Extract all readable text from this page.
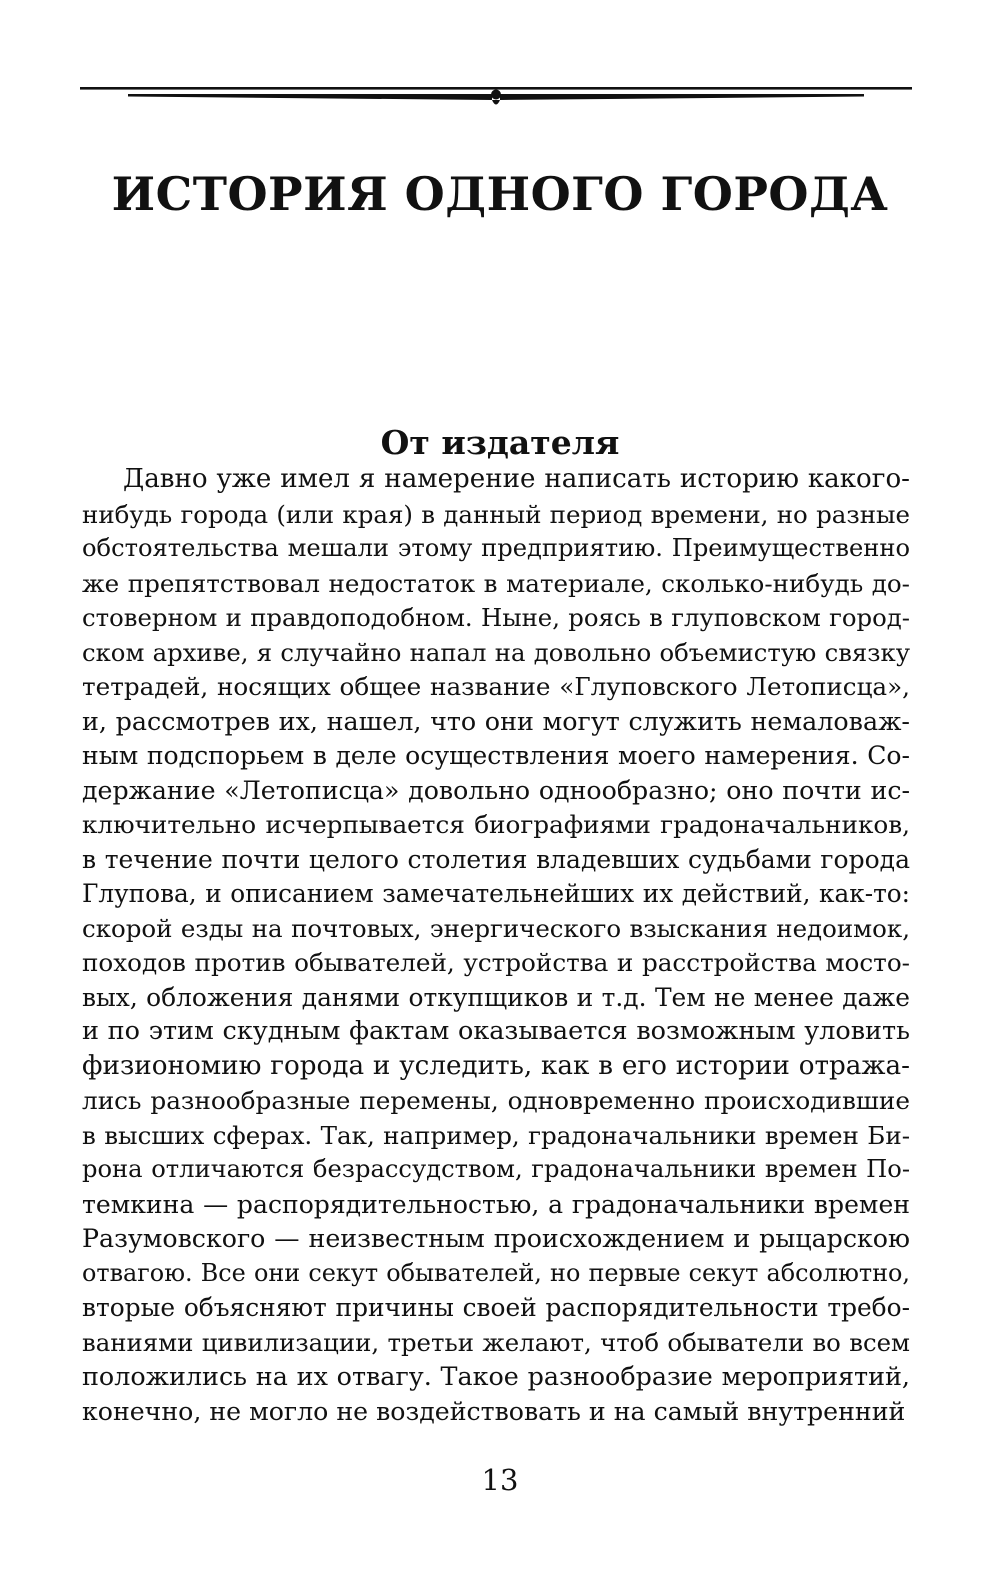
ИСТОРИЯ ОДНОГО ГОРОДА
От издателя
Давно уже имел я намерение написать историю какого-
нибудь города (или края) в данный период времени, но разные
обстоятельства мешали этому предприятию. Преимущественно
же препятствовал недостаток в материале, сколько-нибудь до-
стоверном и правдоподобном. Ныне, роясь в глуповском город-
ском архиве, я случайно напал на довольно объемистую связку
тетрадей, носящих общее название «Глуповского Летописца»,
и, рассмотрев их, нашел, что они могут служить немаловаж-
ным подспорьем в деле осуществления моего намерения. Со-
держание «Летописца» довольно однообразно; оно почти ис-
ключительно исчерпывается биографиями градоначальников,
в течение почти целого столетия владевших судьбами города
Глупова, и описанием замечательнейших их действий, как-то:
скорой езды на почтовых, энергического взыскания недоимок,
походов против обывателей, устройства и расстройства мосто-
вых, обложения данями откупщиков и т.д. Тем не менее даже
и по этим скудным фактам оказывается возможным уловить
физиономию города и уследить, как в его истории отража-
лись разнообразные перемены, одновременно происходившие
в высших сферах. Так, например, градоначальники времен Би-
рона отличаются безрассудством, градоначальники времен По-
темкина — распорядительностью, а градоначальники времен
Разумовского — неизвестным происхождением и рыцарскою
отвагою. Все они секут обывателей, но первые секут абсолютно,
вторые объясняют причины своей распорядительности требо-
ваниями цивилизации, третьи желают, чтоб обыватели во всем
положились на их отвагу. Такое разнообразие мероприятий,
конечно, не могло не воздействовать и на самый внутренний
13
